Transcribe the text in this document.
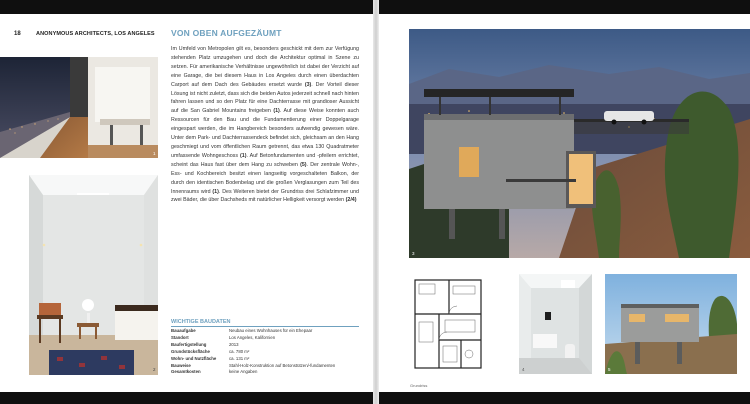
18	ANONYMOUS ARCHITECTS, LOS ANGELES
1
2
VON OBEN AUFGEZÄUMT
Im Umfeld von Metropolen gilt es, besonders geschickt mit dem zur Verfügung stehenden Platz umzugehen und doch die Architektur optimal in Szene zu setzen. Für amerikanische Verhältnisse ungewöhnlich ist dabei der Verzicht auf eine Garage, die bei diesem Haus in Los Angeles durch einen überdachten Carport auf dem Dach des Gebäudes ersetzt wurde (3). Der Vorteil dieser Lösung ist nicht zuletzt, dass sich die beiden Autos jederzeit schnell nach hinten fahren lassen und so den Platz für eine Dachterrasse mit grandioser Aussicht auf die San Gabriel Mountains freigeben (1). Auf diese Weise konnten auch Ressourcen für den Bau und die Fundamentierung einer Doppelgarage eingespart werden, die im Hangbereich besonders aufwendig gewesen wäre. Unter dem Park- und Dachterrassendeck befindet sich, gleichsam an den Hang geschmiegt und vom öffentlichen Raum getrennt, das etwa 130 Quadratmeter umfassende Wohngeschoss (1). Auf Betonfundamenten und -pfeilern errichtet, scheint das Haus fast über dem Hang zu schweben (5). Der zentrale Wohn-, Ess- und Kochbereich besitzt einen langseitig vorgeschalteten Balkon, der durch den identischen Bodenbelag und die großen Verglasungen zum Teil des Innenraums wird (1). Des Weiteren bietet der Grundriss drei Schlafzimmer und zwei Bäder, die über Dachsheds mit natürlicher Helligkeit versorgt werden (2/4)
WICHTIGE BAUDATEN
Bauaufgabe	Neubau eines Wohnhauses für ein Ehepaar
Standort	Los Angeles, Kalifornien
Baufertigstellung	2013
Grundstücksfläche	ca. 780 m²
Wohn- und Nutzfläche	ca. 131 m²
Bauweise	Stahl-Holz-Konstruktion auf Betonstützen/-fundamenten
Gesamtkosten	keine Angaben
3
Grundriss
4	5
